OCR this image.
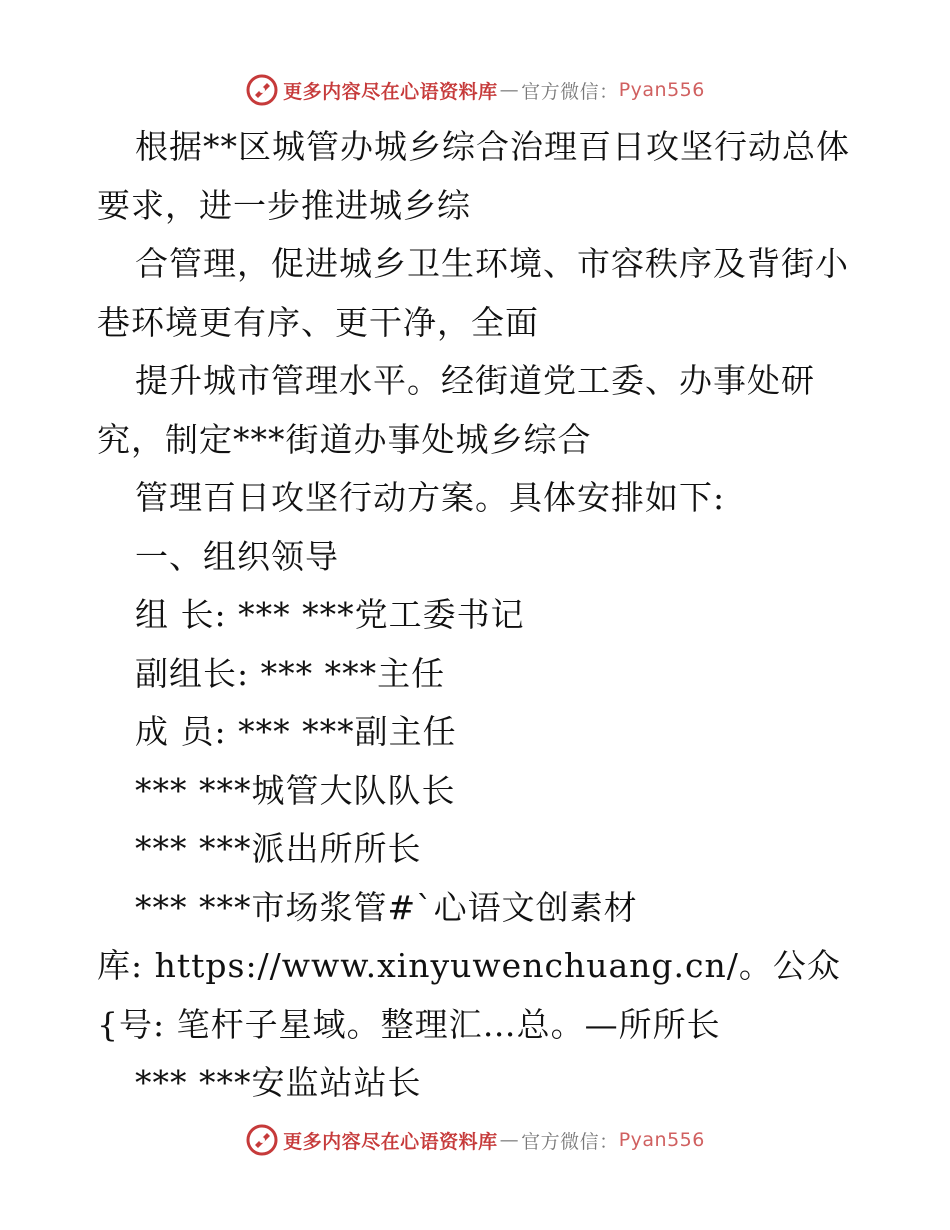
更多内容尽在心语资料库 — 官方微信： Pyan556
根据**区城管办城乡综合治理百日攻坚行动总体
要求，进一步推进城乡综
合管理，促进城乡卫生环境、市容秩序及背街小
巷环境更有序、更干净，全面
提升城市管理水平。经街道党工委、办事处研
究，制定***街道办事处城乡综合
管理百日攻坚行动方案。具体安排如下:
一、组织领导
组 长: *** ***党工委书记
副组长: *** ***主任
成 员: *** ***副主任
*** ***城管大队队长
*** ***派出所所长
*** ***市场浆管#`心语文创素材
库: https://www.xinyuwenchuang.cn/。公众
{号: 笔杆子星域。整理汇…总。—所所长
*** ***安监站站长
更多内容尽在心语资料库 — 官方微信： Pyan556
